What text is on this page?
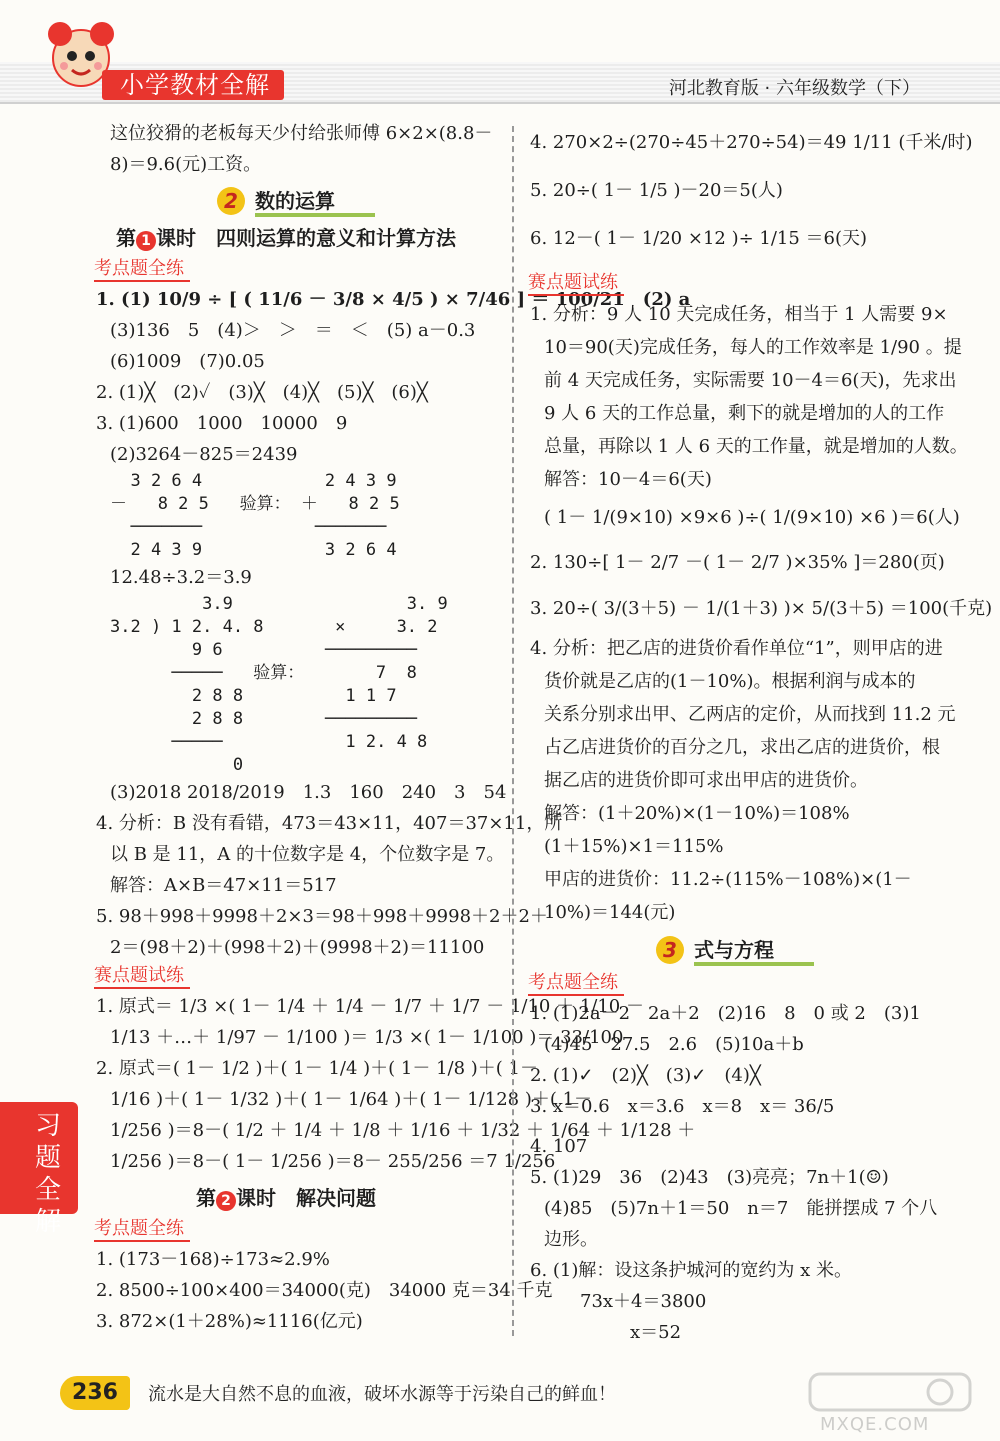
小学教材全解	河北教育版 · 六年级数学（下）
这位狡猾的老板每天少付给张师傅 6×2×(8.8－
8)＝9.6(元)工资。
2 数的运算
第 1 课时　四则运算的意义和计算方法
考点题全练
1. (1) 10/9 ÷ [ ( 11/6 － 3/8 × 4/5 ) × 7/46 ] ＝ 100/21　(2) a
(3)136　5　(4)＞　＞　＝　＜　(5) a－0.3
(6)1009　(7)0.05
2. (1)╳　(2)✓　(3)╳　(4)╳　(5)╳　(6)╳
3. (1)600　1000　10000　9
(2)3264－825＝2439
3 2 6 4            2 4 3 9
－   8 2 5   验算： ＋   8 2 5
───────           ───────
2 4 3 9            3 2 6 4
12.48÷3.2＝3.9
3.9                 3. 9
3.2 ) 1 2. 4. 8       ×     3. 2
9 6          ─────────
─────   验算：       7  8
2 8 8          1 1 7
2 8 8        ─────────
─────            1 2. 4 8
0
(3)2018 2018/2019　1.3　160　240　3　54
4. 分析：B 没有看错，473＝43×11，407＝37×11，所
以 B 是 11，A 的十位数字是 4，个位数字是 7。
解答：A×B＝47×11＝517
5. 98＋998＋9998＋2×3＝98＋998＋9998＋2＋2＋
2＝(98＋2)＋(998＋2)＋(9998＋2)＝11100
赛点题试练
1. 原式＝ 1/3 ×( 1－ 1/4 ＋ 1/4 － 1/7 ＋ 1/7 － 1/10 ＋ 1/10 －
1/13 ＋…＋ 1/97 － 1/100 )＝ 1/3 ×( 1－ 1/100 )＝ 33/100
2. 原式＝( 1－ 1/2 )＋( 1－ 1/4 )＋( 1－ 1/8 )＋( 1－
1/16 )＋( 1－ 1/32 )＋( 1－ 1/64 )＋( 1－ 1/128 )＋( 1－
1/256 )＝8－( 1/2 ＋ 1/4 ＋ 1/8 ＋ 1/16 ＋ 1/32 ＋ 1/64 ＋ 1/128 ＋
1/256 )＝8－( 1－ 1/256 )＝8－ 255/256 ＝7 1/256
第 2 课时　解决问题
考点题全练
1. (173－168)÷173≈2.9%
2. 8500÷100×400＝34000(克)　34000 克＝34 千克
3. 872×(1＋28%)≈1116(亿元)
4. 270×2÷(270÷45＋270÷54)＝49 1/11 (千米/时)
5. 20÷( 1－ 1/5 )－20＝5(人)
6. 12－( 1－ 1/20 ×12 )÷ 1/15 ＝6(天)
赛点题试练
1. 分析：9 人 10 天完成任务，相当于 1 人需要 9×
10＝90(天)完成任务，每人的工作效率是 1/90 。提
前 4 天完成任务，实际需要 10－4＝6(天)，先求出
9 人 6 天的工作总量，剩下的就是增加的人的工作
总量，再除以 1 人 6 天的工作量，就是增加的人数。
解答：10－4＝6(天)
( 1－ 1/(9×10) ×9×6 )÷( 1/(9×10) ×6 )＝6(人)
2. 130÷[ 1－ 2/7 －( 1－ 2/7 )×35% ]＝280(页)
3. 20÷( 3/(3＋5) － 1/(1＋3) )× 5/(3＋5) ＝100(千克)
4. 分析：把乙店的进货价看作单位“1”，则甲店的进
货价就是乙店的(1－10%)。根据利润与成本的
关系分别求出甲、乙两店的定价，从而找到 11.2 元
占乙店进货价的百分之几，求出乙店的进货价，根
据乙店的进货价即可求出甲店的进货价。
解答：(1＋20%)×(1－10%)＝108%
(1＋15%)×1＝115%
甲店的进货价：11.2÷(115%－108%)×(1－
10%)＝144(元)
3 式与方程
考点题全练
1. (1)2a－2　2a＋2　(2)16　8　0 或 2　(3)1
(4)45　27.5　2.6　(5)10a＋b
2. (1)✓　(2)╳　(3)✓　(4)╳
3. x＝0.6　x＝3.6　x＝8　x＝ 36/5
4. 107
5. (1)29　36　(2)43　(3)亮亮；7n＋1(☺)
(4)85　(5)7n＋1＝50　n＝7　能拼摆成 7 个八
边形。
6. (1)解：设这条护城河的宽约为 x 米。
73x＋4＝3800
x＝52
习题全解
236	流水是大自然不息的血液，破坏水源等于污染自己的鲜血！
MXQE.COM
